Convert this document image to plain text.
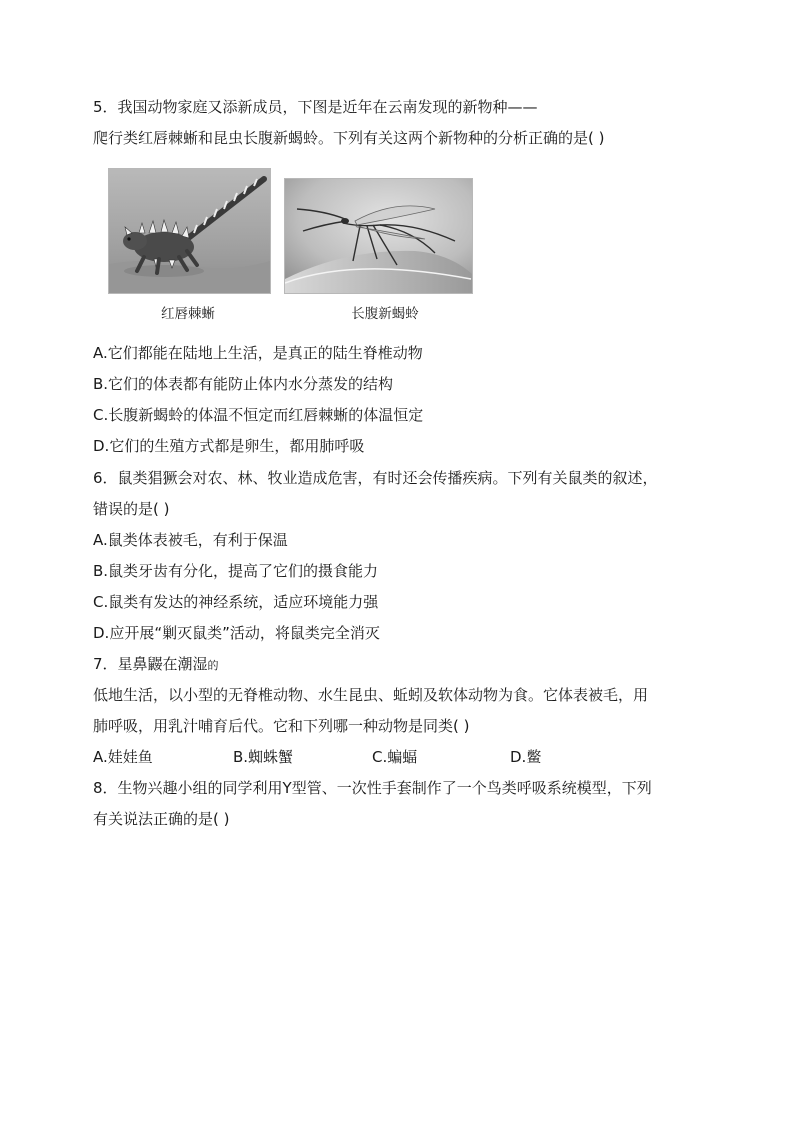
5．我国动物家庭又添新成员，下图是近年在云南发现的新物种——
爬行类红唇棘蜥和昆虫长腹新蝎蛉。下列有关这两个新物种的分析正确的是( )
红唇棘蜥	长腹新蝎蛉
A.它们都能在陆地上生活，是真正的陆生脊椎动物
B.它们的体表都有能防止体内水分蒸发的结构
C.长腹新蝎蛉的体温不恒定而红唇棘蜥的体温恒定
D.它们的生殖方式都是卵生，都用肺呼吸
6．鼠类猖獗会对农、林、牧业造成危害，有时还会传播疾病。下列有关鼠类的叙述，
错误的是( )
A.鼠类体表被毛，有利于保温
B.鼠类牙齿有分化，提高了它们的摄食能力
C.鼠类有发达的神经系统，适应环境能力强
D.应开展“剿灭鼠类”活动，将鼠类完全消灭
7．星鼻鼹在潮湿的
低地生活，以小型的无脊椎动物、水生昆虫、蚯蚓及软体动物为食。它体表被毛，用
肺呼吸，用乳汁哺育后代。它和下列哪一种动物是同类( )
A.娃娃鱼	B.蜘蛛蟹	C.蝙蝠	D.鳖
8．生物兴趣小组的同学利用Y型管、一次性手套制作了一个鸟类呼吸系统模型，下列
有关说法正确的是( )
